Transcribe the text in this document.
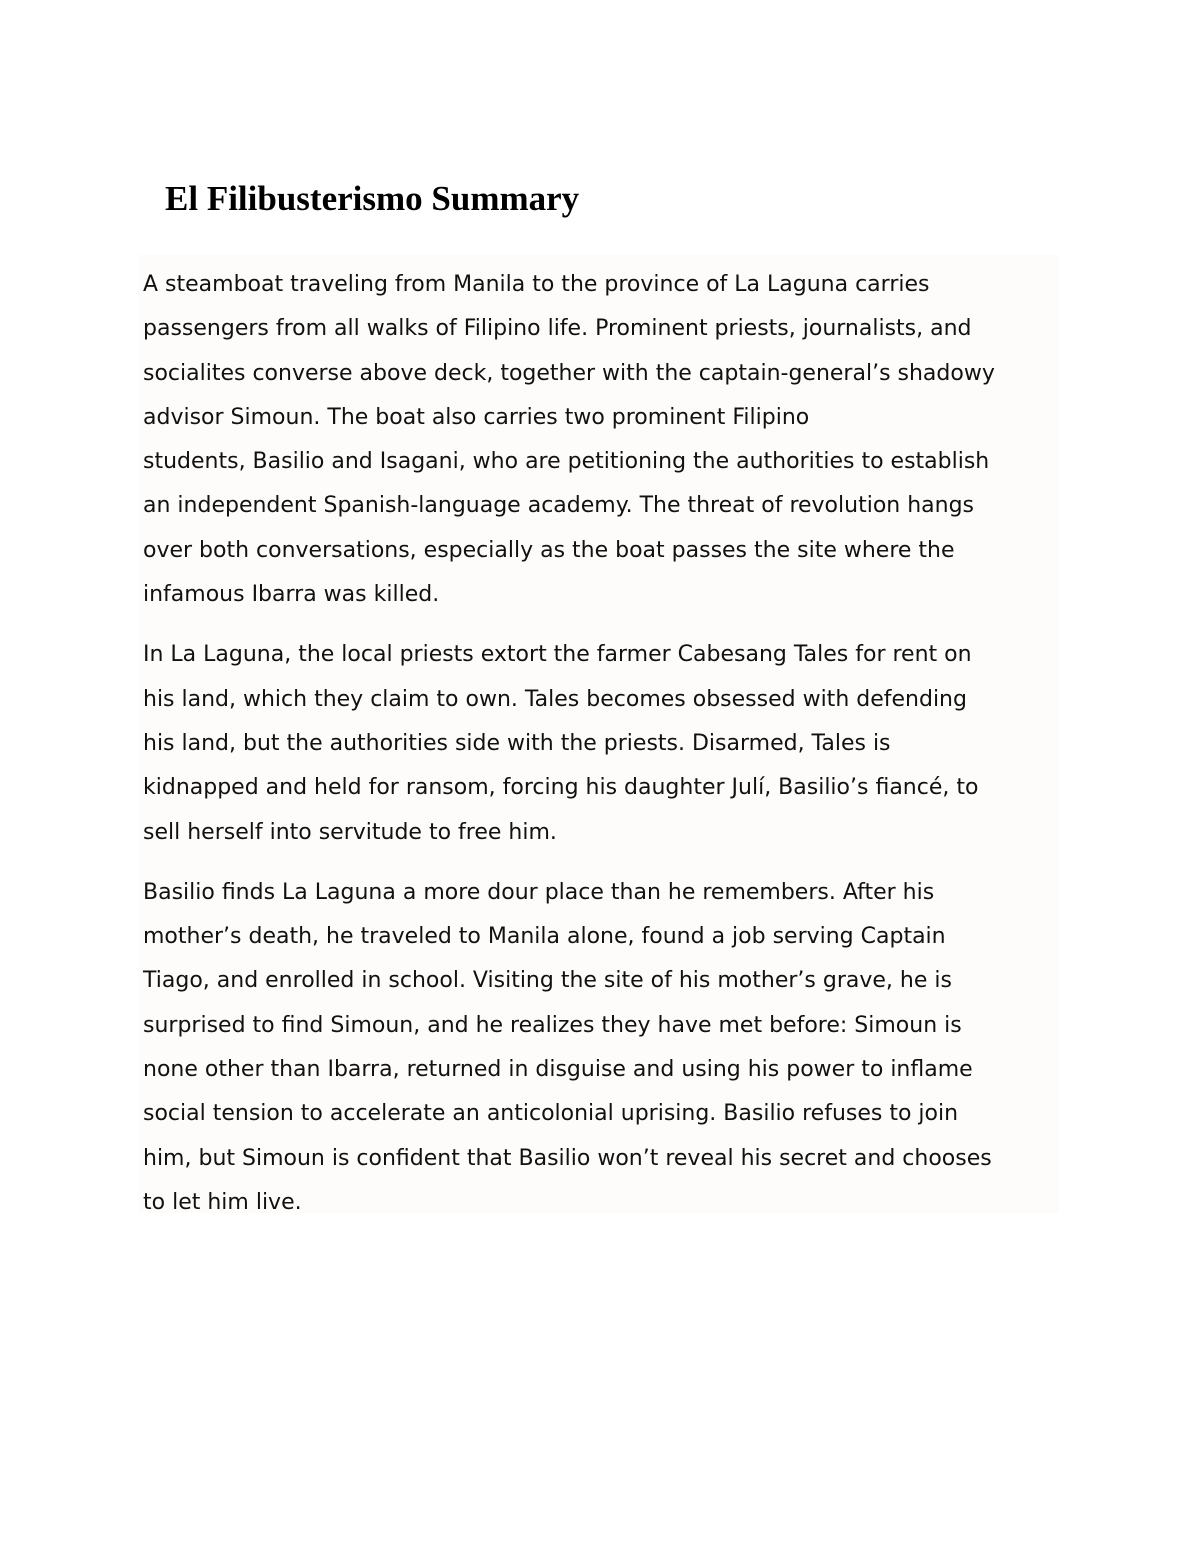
El Filibusterismo Summary

A steamboat traveling from Manila to the province of La Laguna carries
passengers from all walks of Filipino life. Prominent priests, journalists, and
socialites converse above deck, together with the captain-general’s shadowy
advisor Simoun. The boat also carries two prominent Filipino
students, Basilio and Isagani, who are petitioning the authorities to establish
an independent Spanish-language academy. The threat of revolution hangs
over both conversations, especially as the boat passes the site where the
infamous Ibarra was killed.

In La Laguna, the local priests extort the farmer Cabesang Tales for rent on
his land, which they claim to own. Tales becomes obsessed with defending
his land, but the authorities side with the priests. Disarmed, Tales is
kidnapped and held for ransom, forcing his daughter Julí, Basilio’s fiancé, to
sell herself into servitude to free him.

Basilio finds La Laguna a more dour place than he remembers. After his
mother’s death, he traveled to Manila alone, found a job serving Captain
Tiago, and enrolled in school. Visiting the site of his mother’s grave, he is
surprised to find Simoun, and he realizes they have met before: Simoun is
none other than Ibarra, returned in disguise and using his power to inflame
social tension to accelerate an anticolonial uprising. Basilio refuses to join
him, but Simoun is confident that Basilio won’t reveal his secret and chooses
to let him live.
